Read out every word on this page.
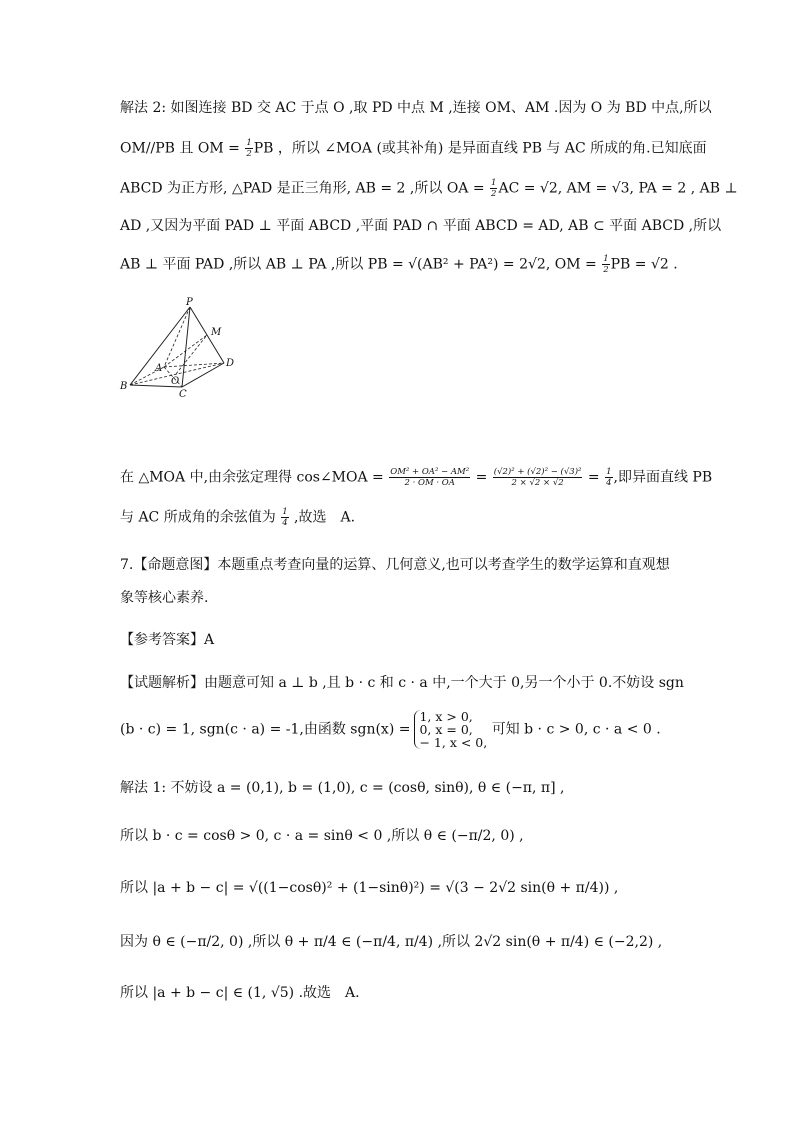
解法 2: 如图连接 BD 交 AC 于点 O ,取 PD 中点 M ,连接 OM、AM .因为 O 为 BD 中点,所以
OM//PB 且 OM = $\frac{1}{2}$ PB ，所以 ∠MOA (或其补角) 是异面直线 PB 与 AC 所成的角.已知底面
ABCD 为正方形, △PAD 是正三角形, AB = 2 ,所以 OA = $\frac{1}{2}$ AC = √2, AM = √3, PA = 2 , AB ⊥
AD ,又因为平面 PAD ⊥ 平面 ABCD ,平面 PAD ∩ 平面 ABCD = AD, AB ⊂ 平面 ABCD ,所以
AB ⊥ 平面 PAD ,所以 AB ⊥ PA ,所以 PB = √(AB² + PA²) = 2√2, OM = $\frac{1}{2}$ PB = √2 .
P
M
A	D
O
B
C
在 △MOA 中,由余弦定理得 cos∠MOA = $\frac{\text{OM² + OA² − AM²}}{2 \cdot OM \cdot OA} = \frac{\text{(√2)² + (√2)² − (√3)²}}{2 \times √2 \times √2} = \frac{1}{4}$ ,即异面直线 PB
与 AC 所成角的余弦值为 $\frac{1}{4}$ ,故选　A.
7.【命题意图】本题重点考查向量的运算、几何意义,也可以考查学生的数学运算和直观想
象等核心素养.
【参考答案】A
【试题解析】由题意可知 a ⊥ b ,且 b · c 和 c · a 中,一个大于 0,另一个小于 0.不妨设 sgn
(b · c) = 1, sgn(c · a) = -1,由函数 sgn(x) =
1, x > 0,
0, x = 0,
− 1, x < 0,
可知 b · c > 0, c · a < 0 .
解法 1: 不妨设 a = (0,1), b = (1,0), c = (cosθ, sinθ), θ ∈ (−π, π] ,
所以 b · c = cosθ > 0, c · a = sinθ < 0 ,所以 θ ∈ (−π/2, 0) ,
所以 |a + b − c| = √((1−cosθ)² + (1−sinθ)²) = √(3 − 2√2 sin(θ + π/4)) ,
因为 θ ∈ (−π/2, 0) ,所以 θ + π/4 ∈ (−π/4, π/4) ,所以 2√2 sin(θ + π/4) ∈ (−2,2) ,
所以 |a + b − c| ∈ (1, √5) .故选　A.
